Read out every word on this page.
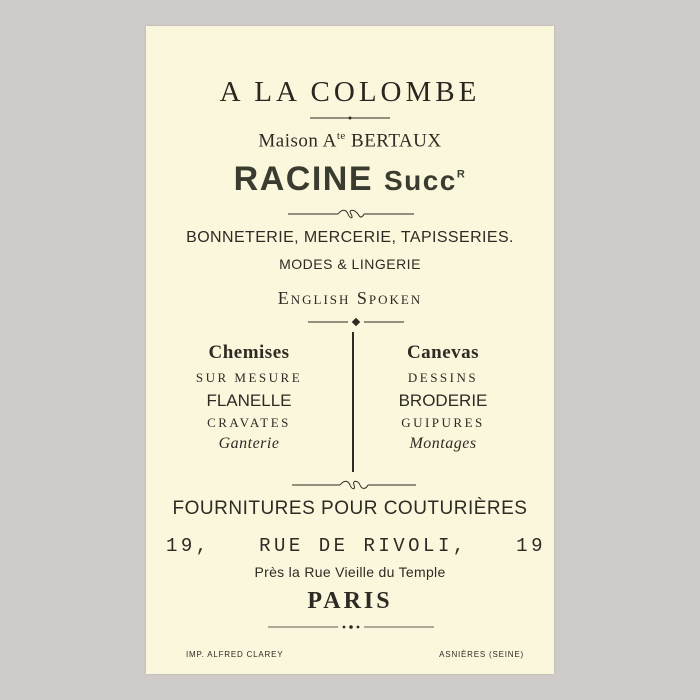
A LA COLOMBE
Maison $A^{te}$ BERTAUX
RACINE Succ$^R$
BONNETERIE, MERCERIE, TAPISSERIES.
MODES & LINGERIE
English Spoken
Chemises
SUR MESURE
FLANELLE
CRAVATES
Ganterie
Canevas
DESSINS
BRODERIE
GUIPURES
Montages
FOURNITURES POUR COUTURIÈRES
19,	RUE DE RIVOLI,	19
Près la Rue Vieille du Temple
PARIS
IMP. ALFRED CLAREY	ASNIÈRES (SEINE)
